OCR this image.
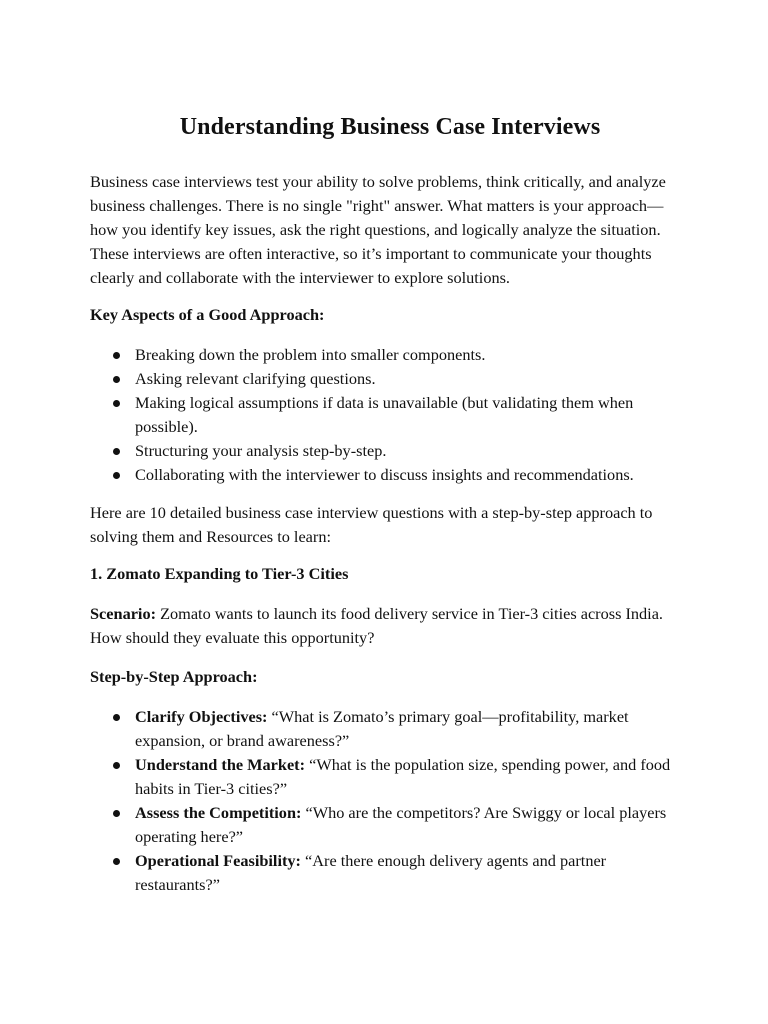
Understanding Business Case Interviews

Business case interviews test your ability to solve problems, think critically, and analyze business challenges. There is no single "right" answer. What matters is your approach—how you identify key issues, ask the right questions, and logically analyze the situation. These interviews are often interactive, so it’s important to communicate your thoughts clearly and collaborate with the interviewer to explore solutions.

Key Aspects of a Good Approach:

Breaking down the problem into smaller components.
Asking relevant clarifying questions.
Making logical assumptions if data is unavailable (but validating them when possible).
Structuring your analysis step-by-step.
Collaborating with the interviewer to discuss insights and recommendations.

Here are 10 detailed business case interview questions with a step-by-step approach to solving them and Resources to learn:

1. Zomato Expanding to Tier-3 Cities

Scenario: Zomato wants to launch its food delivery service in Tier-3 cities across India. How should they evaluate this opportunity?

Step-by-Step Approach:

Clarify Objectives: “What is Zomato’s primary goal—profitability, market expansion, or brand awareness?”
Understand the Market: “What is the population size, spending power, and food habits in Tier-3 cities?”
Assess the Competition: “Who are the competitors? Are Swiggy or local players operating here?”
Operational Feasibility: “Are there enough delivery agents and partner restaurants?”
